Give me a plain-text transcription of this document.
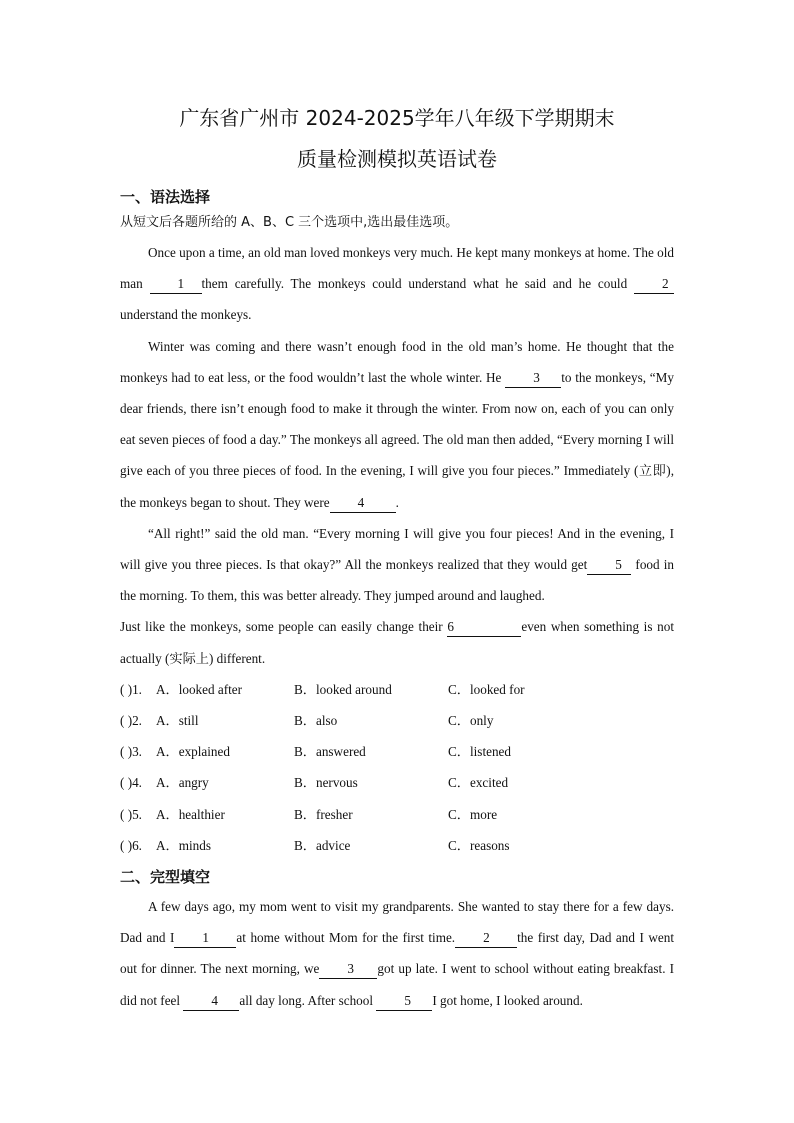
广东省广州市 2024-2025学年八年级下学期期末
质量检测模拟英语试卷
一、语法选择

从短文后各题所给的 A、B、C 三个选项中,选出最佳选项。

Once upon a time, an old man loved monkeys very much. He kept many monkeys at home. The old man 1 them carefully. The monkeys could understand what he said and he could 2understand the monkeys.

Winter was coming and there wasn’t enough food in the old man’s home. He thought that the monkeys had to eat less, or the food wouldn’t last the whole winter. He 3 to the monkeys, “My dear friends, there isn’t enough food to make it through the winter. From now on, each of you can only eat seven pieces of food a day.” The monkeys all agreed. The old man then added, “Every morning I will give each of you three pieces of food. In the evening, I will give you four pieces.” Immediately (立即), the monkeys began to shout. They were 4 .

“All right!” said the old man. “Every morning I will give you four pieces! And in the evening, I will give you three pieces. Is that okay?” All the monkeys realized that they would get 5 food in the morning. To them, this was better already. They jumped around and laughed.

Just like the monkeys, some people can easily change their 6	even when something is not actually (实际上) different.

( )1. A．looked after	B．looked around	C．looked for
( )2. A．still	B．also	C．only
( )3. A．explained	B．answered	C．listened
( )4. A．angry	B．nervous	C．excited
( )5. A．healthier	B．fresher	C．more
( )6. A．minds	B．advice	C．reasons
二、完型填空

A few days ago, my mom went to visit my grandparents. She wanted to stay there for a few days. Dad and I 1 at home without Mom for the first time. 2 the first day, Dad and I went out for dinner. The next morning, we 3 got up late. I went to school without eating breakfast. I did not feel 4 all day long. After school 5 I got home, I looked around.
